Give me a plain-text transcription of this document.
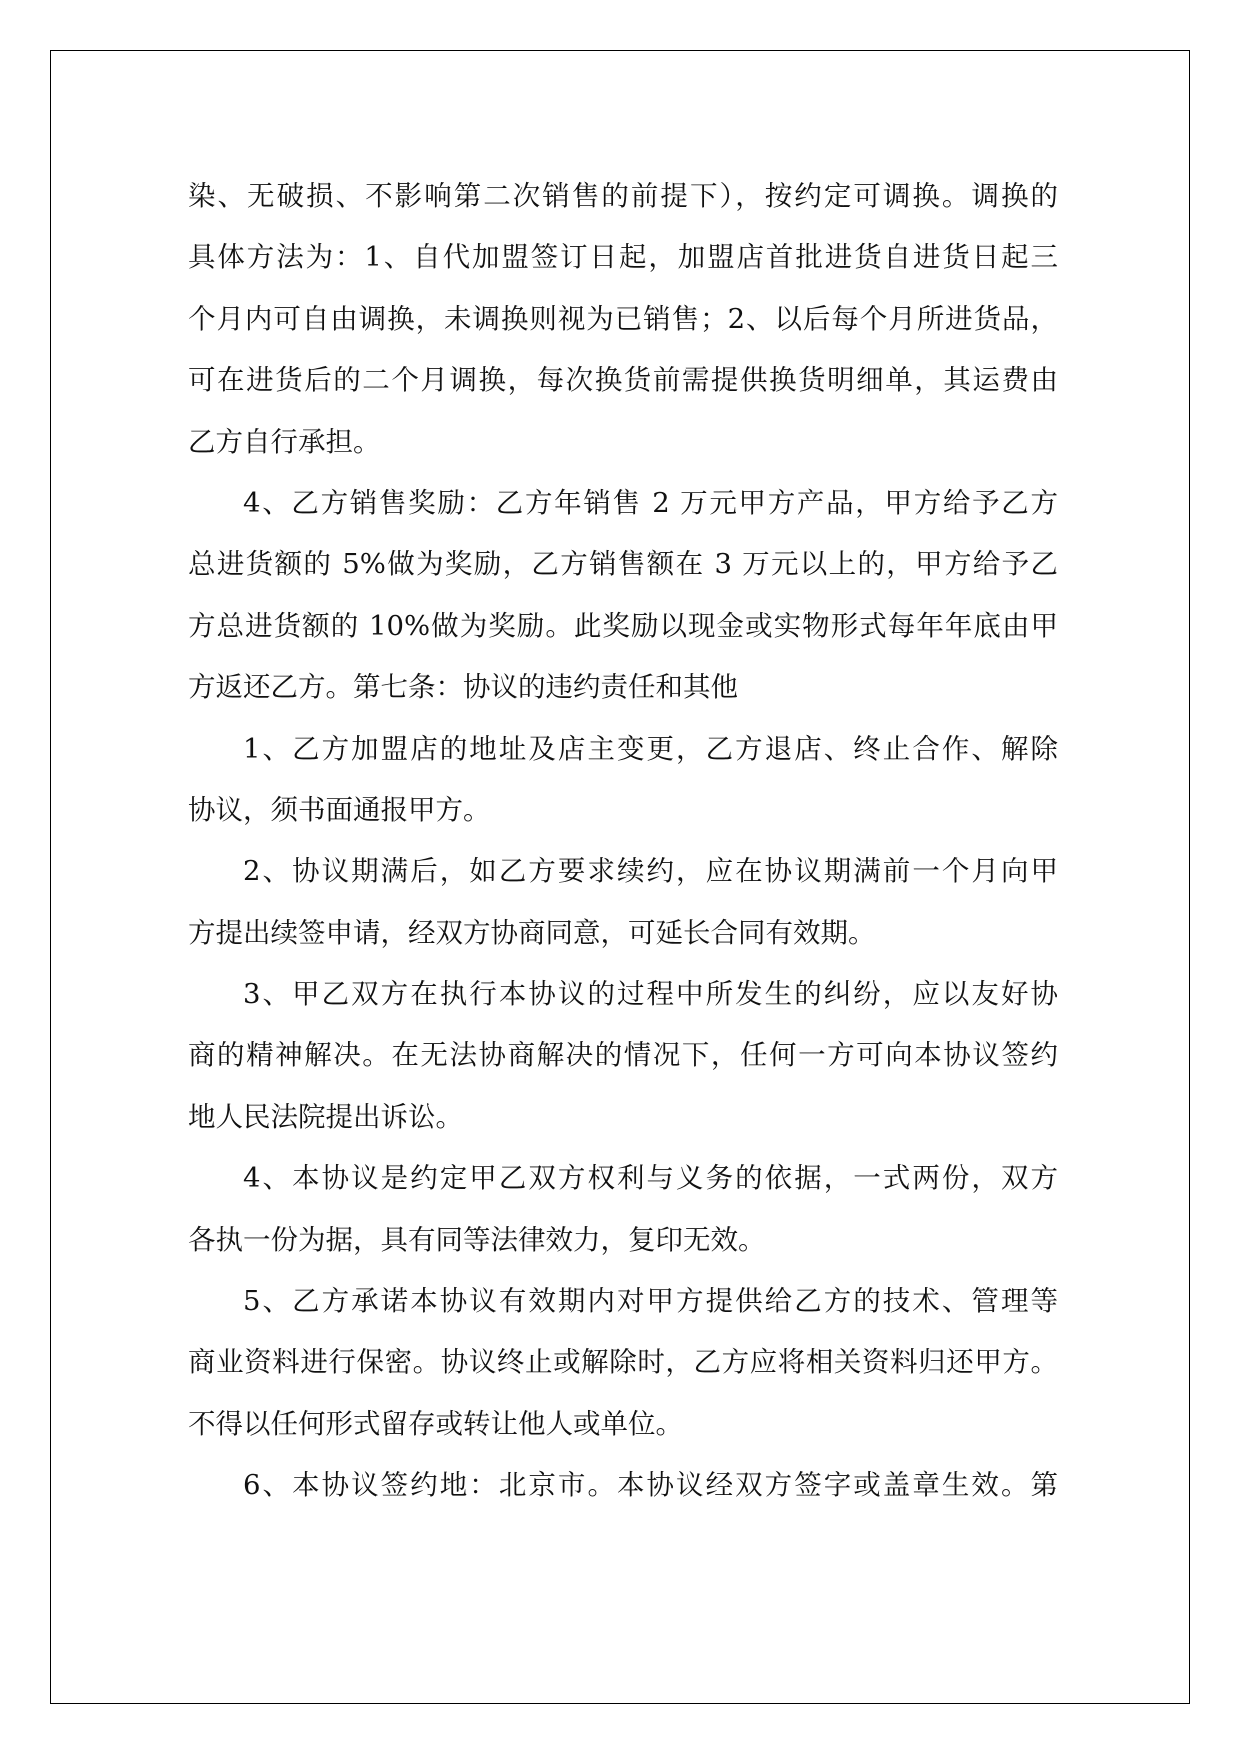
染、无破损、不影响第二次销售的前提下），按约定可调换。调换的
具体方法为：1、自代加盟签订日起，加盟店首批进货自进货日起三
个月内可自由调换，未调换则视为已销售；2、以后每个月所进货品，
可在进货后的二个月调换，每次换货前需提供换货明细单，其运费由
乙方自行承担。
4、乙方销售奖励：乙方年销售 2 万元甲方产品，甲方给予乙方
总进货额的 5%做为奖励，乙方销售额在 3 万元以上的，甲方给予乙
方总进货额的 10%做为奖励。此奖励以现金或实物形式每年年底由甲
方返还乙方。第七条：协议的违约责任和其他
1、乙方加盟店的地址及店主变更，乙方退店、终止合作、解除
协议，须书面通报甲方。
2、协议期满后，如乙方要求续约，应在协议期满前一个月向甲
方提出续签申请，经双方协商同意，可延长合同有效期。
3、甲乙双方在执行本协议的过程中所发生的纠纷，应以友好协
商的精神解决。在无法协商解决的情况下，任何一方可向本协议签约
地人民法院提出诉讼。
4、本协议是约定甲乙双方权利与义务的依据，一式两份，双方
各执一份为据，具有同等法律效力，复印无效。
5、乙方承诺本协议有效期内对甲方提供给乙方的技术、管理等
商业资料进行保密。协议终止或解除时，乙方应将相关资料归还甲方。
不得以任何形式留存或转让他人或单位。
6、本协议签约地：北京市。本协议经双方签字或盖章生效。第
